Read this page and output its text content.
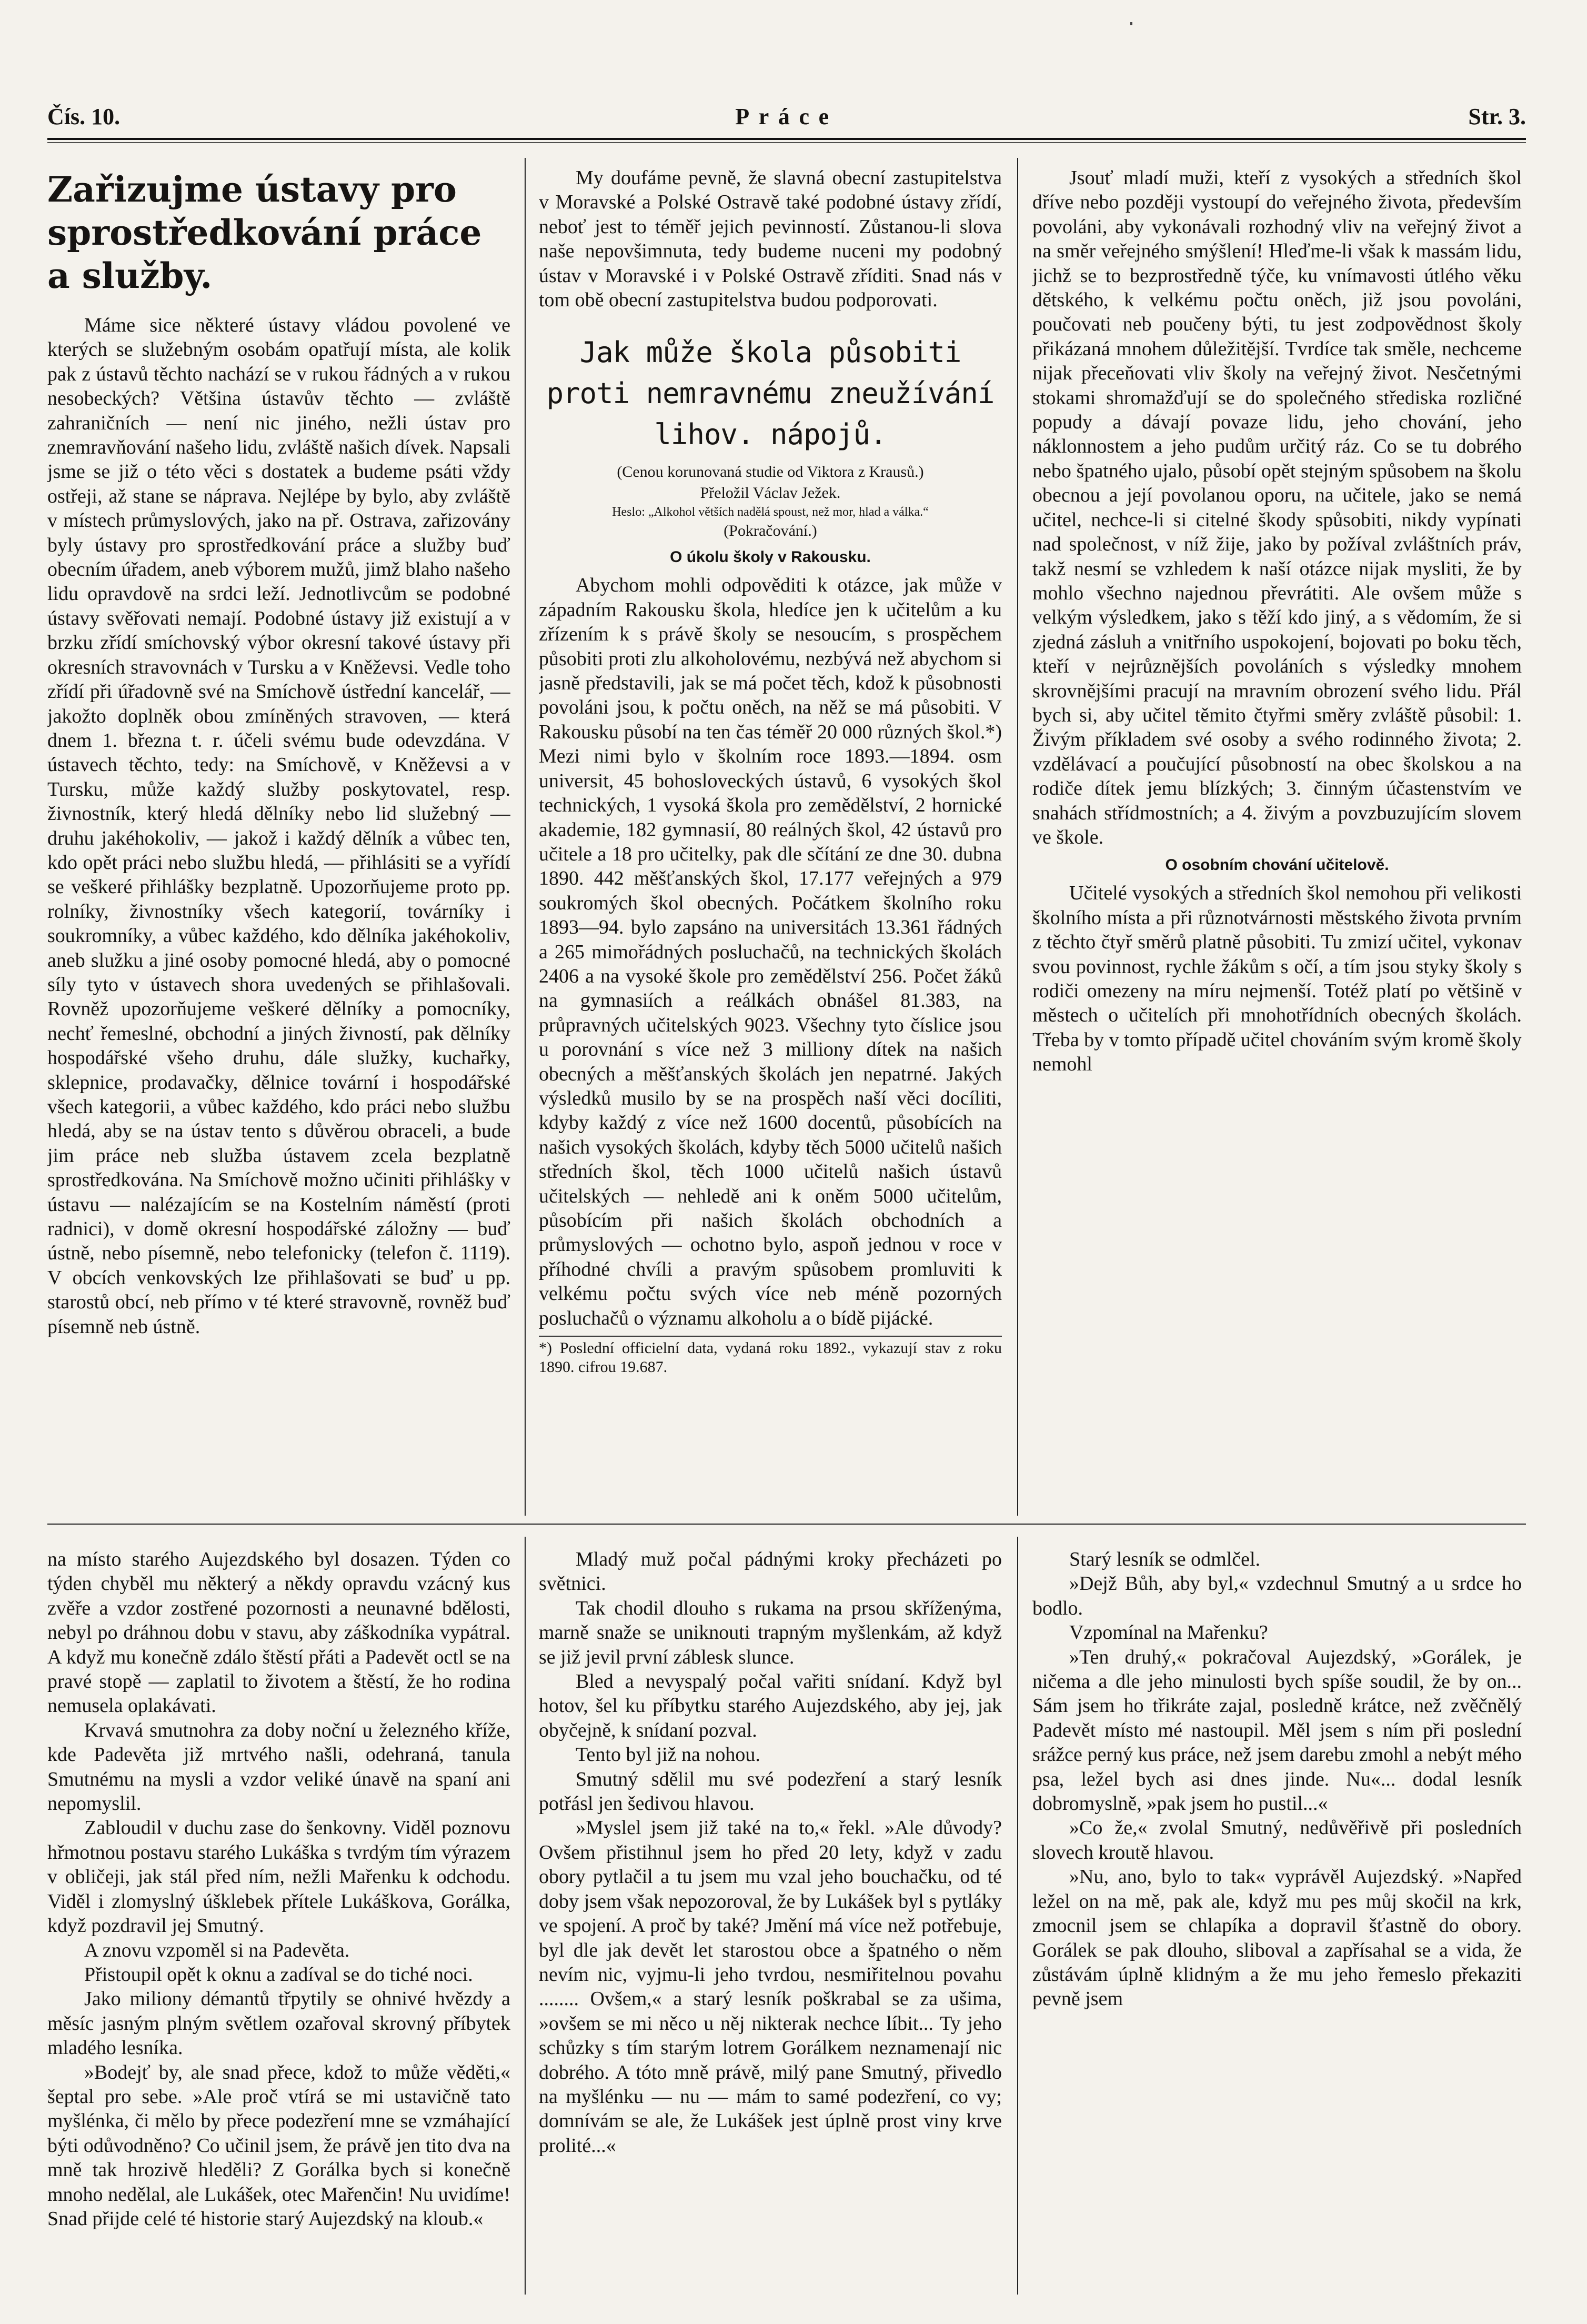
Čís. 10.	Práce	Str. 3.
Zařizujme ústavy pro sprostředkování práce a služby.

Máme sice některé ústavy vládou povolené ve kterých se služebným osobám opatřují místa, ale kolik pak z ústavů těchto nachází se v rukou řádných a v rukou nesobeckých? Většina ústavův těchto — zvláště zahraničních — není nic jiného, nežli ústav pro znemravňování našeho lidu, zvláště našich dívek. Napsali jsme se již o této věci s dostatek a budeme psáti vždy ostřeji, až stane se náprava. Nejlépe by bylo, aby zvláště v místech průmyslových, jako na př. Ostrava, zařizovány byly ústavy pro sprostředkování práce a služby buď obecním úřadem, aneb výborem mužů, jimž blaho našeho lidu opravdově na srdci leží. Jednotlivcům se podobné ústavy svěřovati nemají. Podobné ústavy již existují a v brzku zřídí smíchovský výbor okresní takové ústavy při okresních stravovnách v Tursku a v Kněževsi. Vedle toho zřídí při úřadovně své na Smíchově ústřední kancelář, — jakožto doplněk obou zmíněných stravoven, — která dnem 1. března t. r. účeli svému bude odevzdána. V ústavech těchto, tedy: na Smíchově, v Kněževsi a v Tursku, může každý služby poskytovatel, resp. živnostník, který hledá dělníky nebo lid služebný — druhu jakéhokoliv, — jakož i každý dělník a vůbec ten, kdo opět práci nebo službu hledá, — přihlásiti se a vyřídí se veškeré přihlášky bezplatně. Upozorňujeme proto pp. rolníky, živnostníky všech kategorií, továrníky i soukromníky, a vůbec každého, kdo dělníka jakéhokoliv, aneb služku a jiné osoby pomocné hledá, aby o pomocné síly tyto v ústavech shora uvedených se přihlašovali. Rovněž upozorňujeme veškeré dělníky a pomocníky, nechť řemeslné, obchodní a jiných živností, pak dělníky hospodářské všeho druhu, dále služky, kuchařky, sklepnice, prodavačky, dělnice tovární i hospodářské všech kategorii, a vůbec každého, kdo práci nebo službu hledá, aby se na ústav tento s důvěrou obraceli, a bude jim práce neb služba ústavem zcela bezplatně sprostředkována. Na Smíchově možno učiniti přihlášky v ústavu — nalézajícím se na Kostelním náměstí (proti radnici), v domě okresní hospodářské záložny — buď ústně, nebo písemně, nebo telefonicky (telefon č. 1119). V obcích venkovských lze přihlašovati se buď u pp. starostů obcí, neb přímo v té které stravovně, rovněž buď písemně neb ústně.

My doufáme pevně, že slavná obecní zastupitelstva v Moravské a Polské Ostravě také podobné ústavy zřídí, neboť jest to téměř jejich pevinností. Zůstanou-li slova naše nepovšimnuta, tedy budeme nuceni my podobný ústav v Moravské i v Polské Ostravě zříditi. Snad nás v tom obě obecní zastupitelstva budou podporovati.

Jak může škola působiti proti nemravnému zneužívání lihov. nápojů.

(Cenou korunovaná studie od Viktora z Krausů.)

Přeložil Václav Ježek.

Heslo: „Alkohol větších nadělá spoust, než mor, hlad a válka.“

(Pokračování.)

O úkolu školy v Rakousku.

Abychom mohli odpověditi k otázce, jak může v západním Rakousku škola, hledíce jen k učitelům a ku zřízením k s právě školy se nesoucím, s prospěchem působiti proti zlu alkoholovému, nezbývá než abychom si jasně představili, jak se má počet těch, kdož k působnosti povoláni jsou, k počtu oněch, na něž se má působiti. V Rakousku působí na ten čas téměř 20 000 různých škol.*) Mezi nimi bylo v školním roce 1893.—1894. osm universit, 45 bohosloveckých ústavů, 6 vysokých škol technických, 1 vysoká škola pro zemědělství, 2 hornické akademie, 182 gymnasií, 80 reálných škol, 42 ústavů pro učitele a 18 pro učitelky, pak dle sčítání ze dne 30. dubna 1890. 442 měšťanských škol, 17.177 veřejných a 979 soukromých škol obecných. Počátkem školního roku 1893—94. bylo zapsáno na universitách 13.361 řádných a 265 mimořádných posluchačů, na technických školách 2406 a na vysoké škole pro zemědělství 256. Počet žáků na gymnasiích a reálkách obnášel 81.383, na průpravných učitelských 9023. Všechny tyto číslice jsou u porovnání s více než 3 milliony dítek na našich obecných a měšťanských školách jen nepatrné. Jakých výsledků musilo by se na prospěch naší věci docíliti, kdyby každý z více než 1600 docentů, působících na našich vysokých školách, kdyby těch 5000 učitelů našich středních škol, těch 1000 učitelů našich ústavů učitelských — nehledě ani k oněm 5000 učitelům, působícím při našich školách obchodních a průmyslových — ochotno bylo, aspoň jednou v roce v příhodné chvíli a pravým spůsobem promluviti k velkému počtu svých více neb méně pozorných posluchačů o významu alkoholu a o bídě pijácké.

*) Poslední officielní data, vydaná roku 1892., vykazují stav z roku 1890. cifrou 19.687.

Jsouť mladí muži, kteří z vysokých a středních škol dříve nebo později vystoupí do veřejného života, především povoláni, aby vykonávali rozhodný vliv na veřejný život a na směr veřejného smýšlení! Hleďme-li však k massám lidu, jichž se to bezprostředně týče, ku vnímavosti útlého věku dětského, k velkému počtu oněch, již jsou povoláni, poučovati neb poučeny býti, tu jest zodpovědnost školy přikázaná mnohem důležitější. Tvrdíce tak směle, nechceme nijak přeceňovati vliv školy na veřejný život. Nesčetnými stokami shromažďují se do společného střediska rozličné popudy a dávají povaze lidu, jeho chování, jeho náklonnostem a jeho pudům určitý ráz. Co se tu dobrého nebo špatného ujalo, působí opět stejným spůsobem na školu obecnou a její povolanou oporu, na učitele, jako se nemá učitel, nechce-li si citelné škody spůsobiti, nikdy vypínati nad společnost, v níž žije, jako by požíval zvláštních práv, takž nesmí se vzhledem k naší otázce nijak mysliti, že by mohlo všechno najednou převrátiti. Ale ovšem může s velkým výsledkem, jako s těží kdo jiný, a s vědomím, že si zjedná zásluh a vnitřního uspokojení, bojovati po boku těch, kteří v nejrůznějších povoláních s výsledky mnohem skrovnějšími pracují na mravním obrození svého lidu. Přál bych si, aby učitel těmito čtyřmi směry zvláště působil: 1. Živým příkladem své osoby a svého rodinného života; 2. vzdělávací a poučující působností na obec školskou a na rodiče dítek jemu blízkých; 3. činným účastenstvím ve snahách střídmostních; a 4. živým a povzbuzujícím slovem ve škole.

O osobním chování učitelově.

Učitelé vysokých a středních škol nemohou při velikosti školního místa a při různotvárnosti městského života prvním z těchto čtyř směrů platně působiti. Tu zmizí učitel, vykonav svou povinnost, rychle žákům s očí, a tím jsou styky školy s rodiči omezeny na míru nejmenší. Totéž platí po většině v městech o učitelích při mnohotřídních obecných školách. Třeba by v tomto případě učitel chováním svým kromě školy nemohl

na místo starého Aujezdského byl dosazen. Týden co týden chyběl mu některý a někdy opravdu vzácný kus zvěře a vzdor zostřené pozornosti a neunavné bdělosti, nebyl po dráhnou dobu v stavu, aby záškodníka vypátral. A když mu konečně zdálo štěstí přáti a Padevět octl se na pravé stopě — zaplatil to životem a štěstí, že ho rodina nemusela oplakávati.

Krvavá smutnohra za doby noční u železného kříže, kde Padevěta již mrtvého našli, odehraná, tanula Smutnému na mysli a vzdor veliké únavě na spaní ani nepomyslil.

Zabloudil v duchu zase do šenkovny. Viděl poznovu hřmotnou postavu starého Lukáška s tvrdým tím výrazem v obličeji, jak stál před ním, nežli Mařenku k odchodu. Viděl i zlomyslný úšklebek přítele Lukáškova, Gorálka, když pozdravil jej Smutný.

A znovu vzpoměl si na Padevěta.

Přistoupil opět k oknu a zadíval se do tiché noci.

Jako miliony démantů třpytily se ohnivé hvězdy a měsíc jasným plným světlem ozařoval skrovný příbytek mladého lesníka.

»Bodejť by, ale snad přece, kdož to může věděti,« šeptal pro sebe. »Ale proč vtírá se mi ustavičně tato myšlénka, či mělo by přece podezření mne se vzmáhající býti odůvodněno? Co učinil jsem, že právě jen tito dva na mně tak hrozivě hleděli? Z Gorálka bych si konečně mnoho nedělal, ale Lukášek, otec Mařenčin! Nu uvidíme! Snad přijde celé té historie starý Aujezdský na kloub.«

Mladý muž počal pádnými kroky přecházeti po světnici.

Tak chodil dlouho s rukama na prsou skříženýma, marně snaže se uniknouti trapným myšlenkám, až když se již jevil první záblesk slunce.

Bled a nevyspalý počal vařiti snídaní. Když byl hotov, šel ku příbytku starého Aujezdského, aby jej, jak obyčejně, k snídaní pozval.

Tento byl již na nohou.

Smutný sdělil mu své podezření a starý lesník potřásl jen šedivou hlavou.

»Myslel jsem již také na to,« řekl. »Ale důvody? Ovšem přistihnul jsem ho před 20 lety, když v zadu obory pytlačil a tu jsem mu vzal jeho bouchačku, od té doby jsem však nepozoroval, že by Lukášek byl s pytláky ve spojení. A proč by také? Jmění má více než potřebuje, byl dle jak devět let starostou obce a špatného o něm nevím nic, vyjmu-li jeho tvrdou, nesmiřitelnou povahu ........ Ovšem,« a starý lesník poškrabal se za ušima, »ovšem se mi něco u něj nikterak nechce líbit... Ty jeho schůzky s tím starým lotrem Gorálkem neznamenají nic dobrého. A tóto mně právě, milý pane Smutný, přivedlo na myšlénku — nu — mám to samé podezření, co vy; domnívám se ale, že Lukášek jest úplně prost viny krve prolité...«

Starý lesník se odmlčel.

»Dejž Bůh, aby byl,« vzdechnul Smutný a u srdce ho bodlo.

Vzpomínal na Mařenku?

»Ten druhý,« pokračoval Aujezdský, »Gorálek, je ničema a dle jeho minulosti bych spíše soudil, že by on... Sám jsem ho třikráte zajal, posledně krátce, než zvěčnělý Padevět místo mé nastoupil. Měl jsem s ním při poslední srážce perný kus práce, než jsem darebu zmohl a nebýt mého psa, ležel bych asi dnes jinde. Nu«... dodal lesník dobromyslně, »pak jsem ho pustil...«

»Co že,« zvolal Smutný, nedůvěřivě při posledních slovech kroutě hlavou.

»Nu, ano, bylo to tak« vyprávěl Aujezdský. »Napřed ležel on na mě, pak ale, když mu pes můj skočil na krk, zmocnil jsem se chlapíka a dopravil šťastně do obory. Gorálek se pak dlouho, sliboval a zapřísahal se a vida, že zůstávám úplně klidným a že mu jeho řemeslo překaziti pevně jsem
